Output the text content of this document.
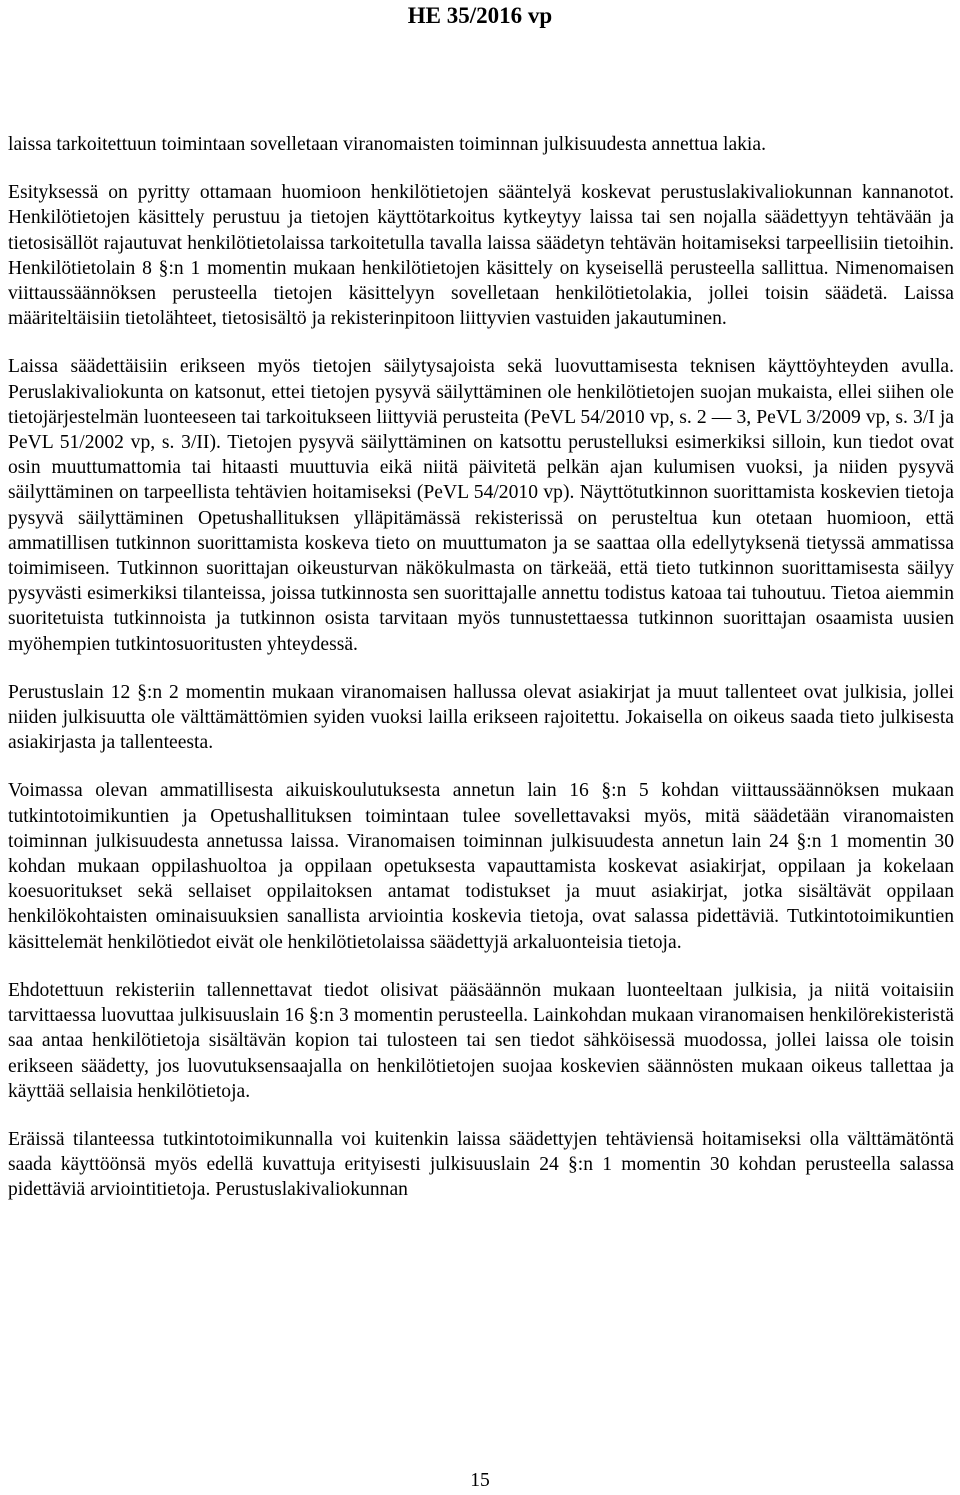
HE 35/2016 vp

laissa tarkoitettuun toimintaan sovelletaan viranomaisten toiminnan julkisuudesta annettua lakia.

Esityksessä on pyritty ottamaan huomioon henkilötietojen sääntelyä koskevat perustuslakivaliokunnan kannanotot. Henkilötietojen käsittely perustuu ja tietojen käyttötarkoitus kytkeytyy laissa tai sen nojalla säädettyyn tehtävään ja tietosisällöt rajautuvat henkilötietolaissa tarkoitetulla tavalla laissa säädetyn tehtävän hoitamiseksi tarpeellisiin tietoihin. Henkilötietolain 8 §:n 1 momentin mukaan henkilötietojen käsittely on kyseisellä perusteella sallittua. Nimenomaisen viittaussäännöksen perusteella tietojen käsittelyyn sovelletaan henkilötietolakia, jollei toisin säädetä. Laissa määriteltäisiin tietolähteet, tietosisältö ja rekisterinpitoon liittyvien vastuiden jakautuminen.

Laissa säädettäisiin erikseen myös tietojen säilytysajoista sekä luovuttamisesta teknisen käyttöyhteyden avulla. Peruslakivaliokunta on katsonut, ettei tietojen pysyvä säilyttäminen ole henkilötietojen suojan mukaista, ellei siihen ole tietojärjestelmän luonteeseen tai tarkoitukseen liittyviä perusteita (PeVL 54/2010 vp, s. 2 — 3, PeVL 3/2009 vp, s. 3/I ja PeVL 51/2002 vp, s. 3/II). Tietojen pysyvä säilyttäminen on katsottu perustelluksi esimerkiksi silloin, kun tiedot ovat osin muuttumattomia tai hitaasti muuttuvia eikä niitä päivitetä pelkän ajan kulumisen vuoksi, ja niiden pysyvä säilyttäminen on tarpeellista tehtävien hoitamiseksi (PeVL 54/2010 vp). Näyttötutkinnon suorittamista koskevien tietoja pysyvä säilyttäminen Opetushallituksen ylläpitämässä rekisterissä on perusteltua kun otetaan huomioon, että ammatillisen tutkinnon suorittamista koskeva tieto on muuttumaton ja se saattaa olla edellytyksenä tietyssä ammatissa toimimiseen. Tutkinnon suorittajan oikeusturvan näkökulmasta on tärkeää, että tieto tutkinnon suorittamisesta säilyy pysyvästi esimerkiksi tilanteissa, joissa tutkinnosta sen suorittajalle annettu todistus katoaa tai tuhoutuu. Tietoa aiemmin suoritetuista tutkinnoista ja tutkinnon osista tarvitaan myös tunnustettaessa tutkinnon suorittajan osaamista uusien myöhempien tutkintosuoritusten yhteydessä.

Perustuslain 12 §:n 2 momentin mukaan viranomaisen hallussa olevat asiakirjat ja muut tallenteet ovat julkisia, jollei niiden julkisuutta ole välttämättömien syiden vuoksi lailla erikseen rajoitettu. Jokaisella on oikeus saada tieto julkisesta asiakirjasta ja tallenteesta.

Voimassa olevan ammatillisesta aikuiskoulutuksesta annetun lain 16 §:n 5 kohdan viittaussäännöksen mukaan tutkintotoimikuntien ja Opetushallituksen toimintaan tulee sovellettavaksi myös, mitä säädetään viranomaisten toiminnan julkisuudesta annetussa laissa. Viranomaisen toiminnan julkisuudesta annetun lain 24 §:n 1 momentin 30 kohdan mukaan oppilashuoltoa ja oppilaan opetuksesta vapauttamista koskevat asiakirjat, oppilaan ja kokelaan koesuoritukset sekä sellaiset oppilaitoksen antamat todistukset ja muut asiakirjat, jotka sisältävät oppilaan henkilökohtaisten ominaisuuksien sanallista arviointia koskevia tietoja, ovat salassa pidettäviä. Tutkintotoimikuntien käsittelemät henkilötiedot eivät ole henkilötietolaissa säädettyjä arkaluonteisia tietoja.

Ehdotettuun rekisteriin tallennettavat tiedot olisivat pääsäännön mukaan luonteeltaan julkisia, ja niitä voitaisiin tarvittaessa luovuttaa julkisuuslain 16 §:n 3 momentin perusteella. Lainkohdan mukaan viranomaisen henkilörekisteristä saa antaa henkilötietoja sisältävän kopion tai tulosteen tai sen tiedot sähköisessä muodossa, jollei laissa ole toisin erikseen säädetty, jos luovutuksensaajalla on henkilötietojen suojaa koskevien säännösten mukaan oikeus tallettaa ja käyttää sellaisia henkilötietoja.

Eräissä tilanteessa tutkintotoimikunnalla voi kuitenkin laissa säädettyjen tehtäviensä hoitamiseksi olla välttämätöntä saada käyttöönsä myös edellä kuvattuja erityisesti julkisuuslain 24 §:n 1 momentin 30 kohdan perusteella salassa pidettäviä arviointitietoja. Perustuslakivaliokunnan

15
